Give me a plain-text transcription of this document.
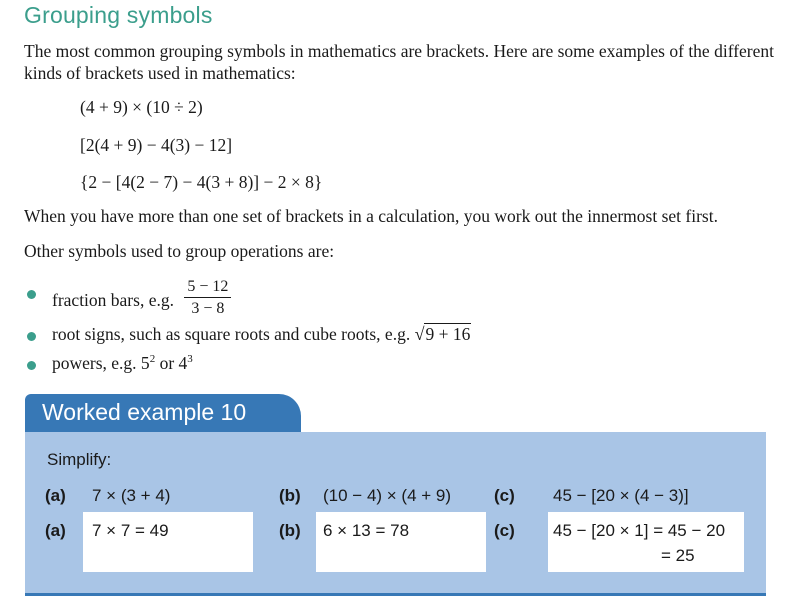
Grouping symbols

The most common grouping symbols in mathematics are brackets. Here are some examples of the different kinds of brackets used in mathematics:

(4 + 9) × (10 ÷ 2)
[2(4 + 9) − 4(3) − 12]
{2 − [4(2 − 7) − 4(3 + 8)] − 2 × 8}

When you have more than one set of brackets in a calculation, you work out the innermost set first.

Other symbols used to group operations are:

fraction bars, e.g. $\frac{5 - 12}{3 - 8}$
root signs, such as square roots and cube roots, e.g. √9 + 16
powers, e.g. $5^2$ or $4^3$
Worked example 10
Simplify:
(a) 7 × (3 + 4)	(b) (10 − 4) × (4 + 9)	(c) 45 − [20 × (4 − 3)]
(a) 7 × 7 = 49	(b) 6 × 13 = 78	(c) 45 − [20 × 1] = 45 − 20
= 25
